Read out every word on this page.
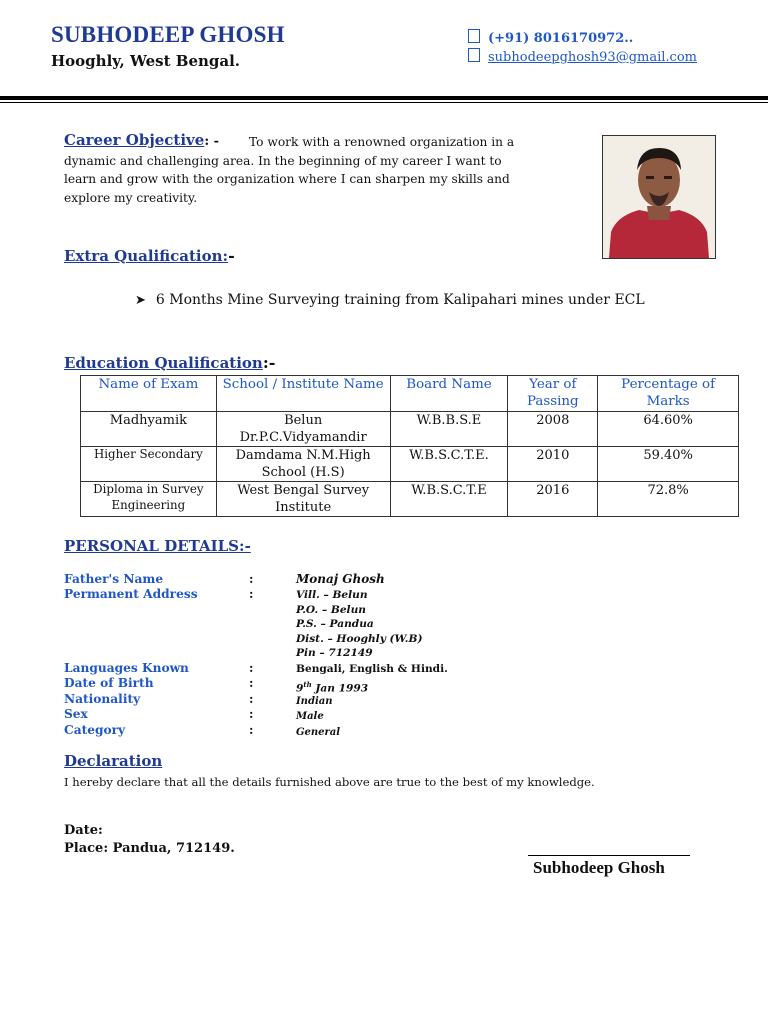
SUBHODEEP GHOSH
Hooghly, West Bengal.
(+91) 8016170972..
subhodeepghosh93@gmail.com
Career Objective: -	To work with a renowned organization in a dynamic and challenging area. In the beginning of my career I want to learn and grow with the organization where I can sharpen my skills and explore my creativity.
Extra Qualification:-
➤ 6 Months Mine Surveying training from Kalipahari mines under ECL
Education Qualification:-
Name of Exam	School / Institute Name	Board Name	Year of Passing	Percentage of Marks
Madhyamik	Belun Dr.P.C.Vidyamandir	W.B.B.S.E	2008	64.60%
Higher Secondary	Damdama N.M.High School (H.S)	W.B.S.C.T.E.	2010	59.40%
Diploma in Survey Engineering	West Bengal Survey Institute	W.B.S.C.T.E	2016	72.8%
PERSONAL DETAILS:-
Father's Name	:	Monaj Ghosh
Permanent Address	:	Vill. – Belun
P.O. – Belun
P.S. – Pandua
Dist. – Hooghly (W.B)
Pin – 712149
Languages Known	:	Bengali, English & Hindi.
Date of Birth	:	9th Jan 1993
Nationality	:	Indian
Sex	:	Male
Category	:	General
Declaration
I hereby declare that all the details furnished above are true to the best of my knowledge.
Date:
Place: Pandua, 712149.
Subhodeep Ghosh
